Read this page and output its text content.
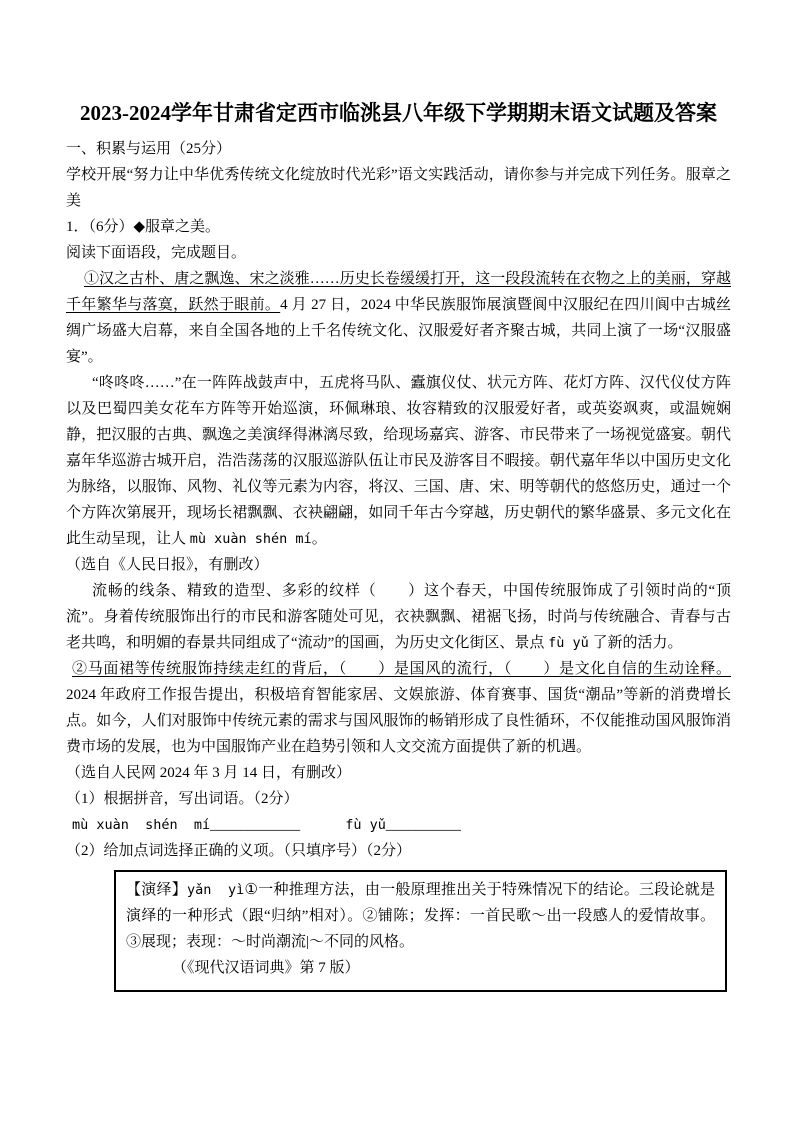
2023-2024学年甘肃省定西市临洮县八年级下学期期末语文试题及答案

一、积累与运用（25分）

学校开展“努力让中华优秀传统文化绽放时代光彩”语文实践活动，请你参与并完成下列任务。服章之美

1．（6分）◆服章之美。

阅读下面语段，完成题目。

①汉之古朴、唐之飘逸、宋之淡雅……历史长卷缓缓打开，这一段段流转在衣物之上的美丽，穿越千年繁华与落寞，跃然于眼前。4 月 27 日，2024 中华民族服饰展演暨阆中汉服纪在四川阆中古城丝绸广场盛大启幕，来自全国各地的上千名传统文化、汉服爱好者齐聚古城，共同上演了一场“汉服盛宴”。

“咚咚咚……”在一阵阵战鼓声中，五虎将马队、蠹旗仪仗、状元方阵、花灯方阵、汉代仪仗方阵以及巴蜀四美女花车方阵等开始巡演，环佩琳琅、妆容精致的汉服爱好者，或英姿飒爽，或温婉娴静，把汉服的古典、飘逸之美演绎得淋漓尽致，给现场嘉宾、游客、市民带来了一场视觉盛宴。朝代嘉年华巡游古城开启，浩浩荡荡的汉服巡游队伍让市民及游客目不暇接。朝代嘉年华以中国历史文化为脉络，以服饰、风物、礼仪等元素为内容，将汉、三国、唐、宋、明等朝代的悠悠历史，通过一个个方阵次第展开，现场长裙飘飘、衣袂翩翩，如同千年古今穿越，历史朝代的繁华盛景、多元文化在此生动呈现，让人 mù xuàn shén mí。

（选自《人民日报》，有删改）

流畅的线条、精致的造型、多彩的纹样（　　）这个春天，中国传统服饰成了引领时尚的“顶流”。身着传统服饰出行的市民和游客随处可见，衣袂飘飘、裙裾飞扬，时尚与传统融合、青春与古老共鸣，和明媚的春景共同组成了“流动”的国画，为历史文化街区、景点 fù yǔ 了新的活力。

②马面裙等传统服饰持续走红的背后，（　　）是国风的流行，（　　）是文化自信的生动诠释。2024 年政府工作报告提出，积极培育智能家居、文娱旅游、体育赛事、国货“潮品”等新的消费增长点。如今，人们对服饰中传统元素的需求与国风服饰的畅销形成了良性循环，不仅能推动国风服饰消费市场的发展，也为中国服饰产业在趋势引领和人文交流方面提供了新的机遇。

（选自人民网 2024 年 3 月 14 日，有删改）

（1）根据拼音，写出词语。（2分）

mù xuàn  shén  mí____________　　　	fù yǔ__________

（2）给加点词选择正确的义项。（只填序号）（2分）

【演绎】yǎn  yì①一种推理方法，由一般原理推出关于特殊情况下的结论。三段论就是演绎的一种形式（跟“归纳”相对）。②铺陈；发挥：一首民歌～出一段感人的爱情故事。③展现；表现：～时尚潮流|～不同的风格。

（《现代汉语词典》第 7 版）
